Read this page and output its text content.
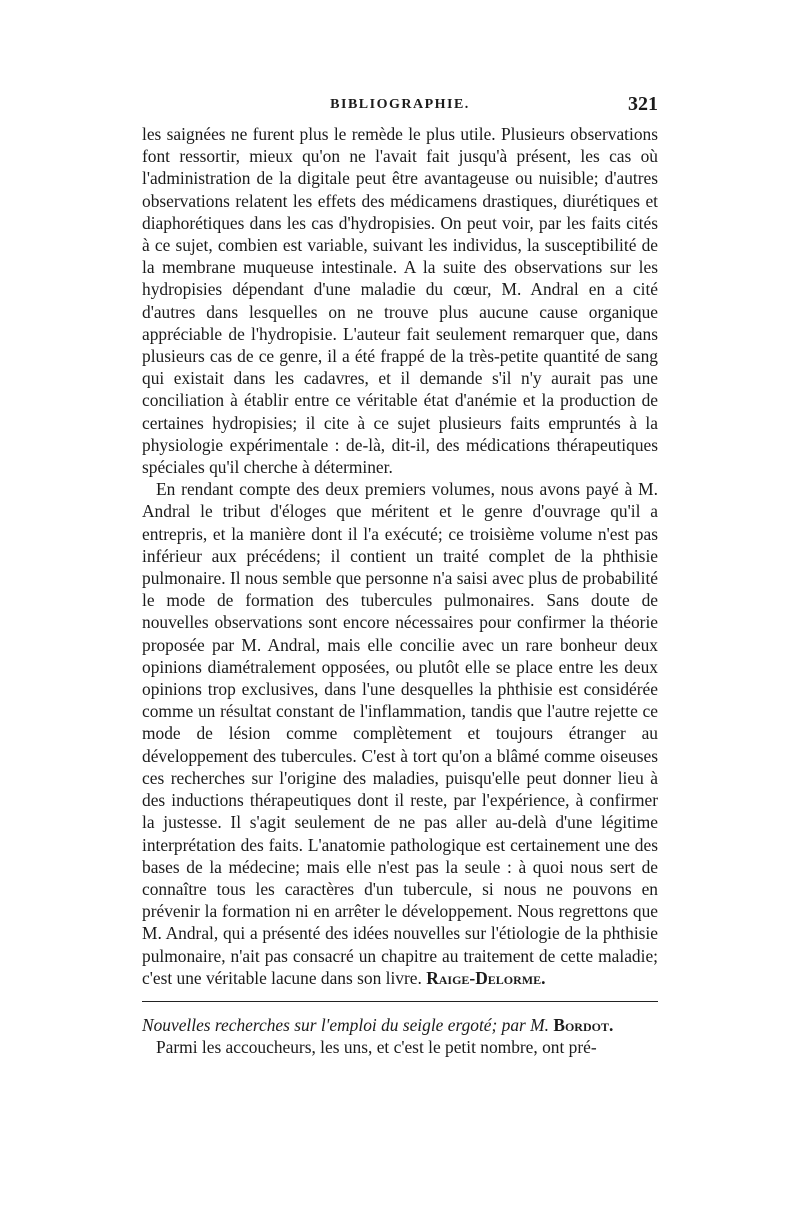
BIBLIOGRAPHIE.	321

les saignées ne furent plus le remède le plus utile. Plusieurs observations font ressortir, mieux qu'on ne l'avait fait jusqu'à présent, les cas où l'administration de la digitale peut être avantageuse ou nuisible; d'autres observations relatent les effets des médicamens drastiques, diurétiques et diaphorétiques dans les cas d'hydropisies. On peut voir, par les faits cités à ce sujet, combien est variable, suivant les individus, la susceptibilité de la membrane muqueuse intestinale. A la suite des observations sur les hydropisies dépendant d'une maladie du cœur, M. Andral en a cité d'autres dans lesquelles on ne trouve plus aucune cause organique appréciable de l'hydropisie. L'auteur fait seulement remarquer que, dans plusieurs cas de ce genre, il a été frappé de la très-petite quantité de sang qui existait dans les cadavres, et il demande s'il n'y aurait pas une conciliation à établir entre ce véritable état d'anémie et la production de certaines hydropisies; il cite à ce sujet plusieurs faits empruntés à la physiologie expérimentale : de-là, dit-il, des médications thérapeutiques spéciales qu'il cherche à déterminer.

En rendant compte des deux premiers volumes, nous avons payé à M. Andral le tribut d'éloges que méritent et le genre d'ouvrage qu'il a entrepris, et la manière dont il l'a exécuté; ce troisième volume n'est pas inférieur aux précédens; il contient un traité complet de la phthisie pulmonaire. Il nous semble que personne n'a saisi avec plus de probabilité le mode de formation des tubercules pulmonaires. Sans doute de nouvelles observations sont encore nécessaires pour confirmer la théorie proposée par M. Andral, mais elle concilie avec un rare bonheur deux opinions diamétralement opposées, ou plutôt elle se place entre les deux opinions trop exclusives, dans l'une desquelles la phthisie est considérée comme un résultat constant de l'inflammation, tandis que l'autre rejette ce mode de lésion comme complètement et toujours étranger au développement des tubercules. C'est à tort qu'on a blâmé comme oiseuses ces recherches sur l'origine des maladies, puisqu'elle peut donner lieu à des inductions thérapeutiques dont il reste, par l'expérience, à confirmer la justesse. Il s'agit seulement de ne pas aller au-delà d'une légitime interprétation des faits. L'anatomie pathologique est certainement une des bases de la médecine; mais elle n'est pas la seule : à quoi nous sert de connaître tous les caractères d'un tubercule, si nous ne pouvons en prévenir la formation ni en arrêter le développement. Nous regrettons que M. Andral, qui a présenté des idées nouvelles sur l'étiologie de la phthisie pulmonaire, n'ait pas consacré un chapitre au traitement de cette maladie; c'est une véritable lacune dans son livre. Raige-Delorme.

Nouvelles recherches sur l'emploi du seigle ergoté; par M. Bordot.

Parmi les accoucheurs, les uns, et c'est le petit nombre, ont pré-
